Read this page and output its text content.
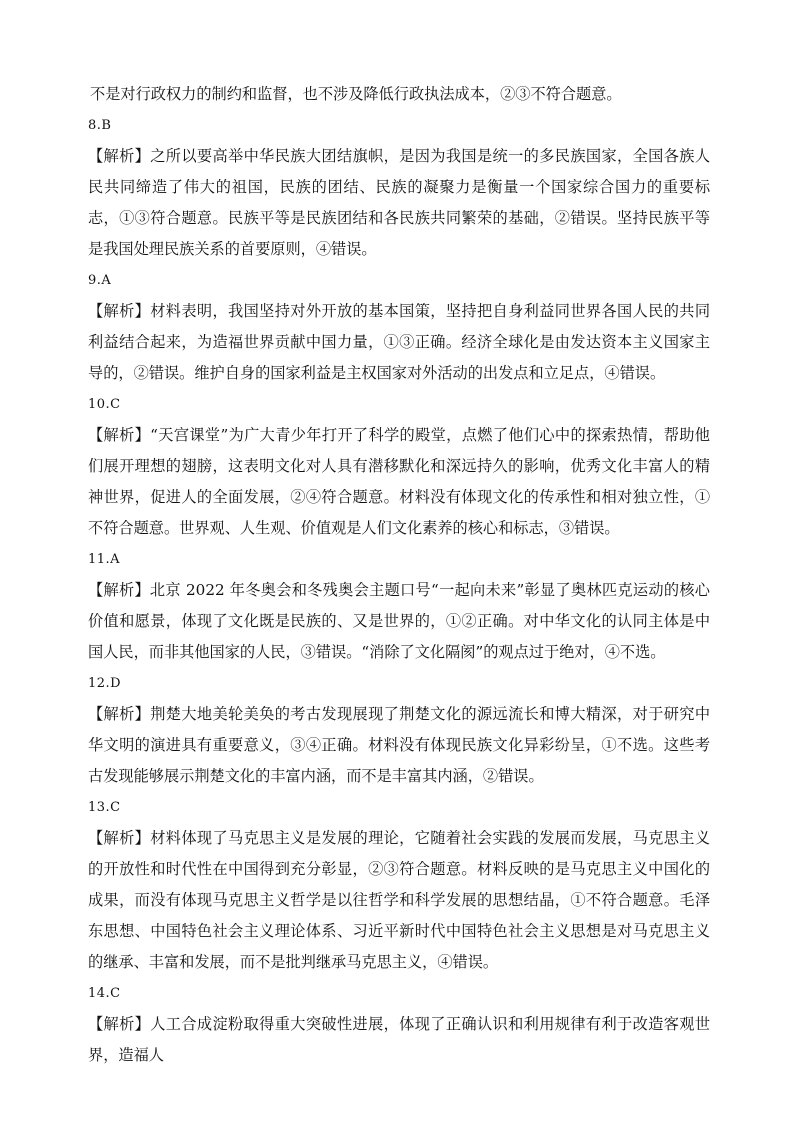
不是对行政权力的制约和监督，也不涉及降低行政执法成本，②③不符合题意。

8.B

【解析】之所以要高举中华民族大团结旗帜，是因为我国是统一的多民族国家，全国各族人民共同缔造了伟大的祖国，民族的团结、民族的凝聚力是衡量一个国家综合国力的重要标志，①③符合题意。民族平等是民族团结和各民族共同繁荣的基础，②错误。坚持民族平等是我国处理民族关系的首要原则，④错误。

9.A

【解析】材料表明，我国坚持对外开放的基本国策，坚持把自身利益同世界各国人民的共同利益结合起来，为造福世界贡献中国力量，①③正确。经济全球化是由发达资本主义国家主导的，②错误。维护自身的国家利益是主权国家对外活动的出发点和立足点，④错误。

10.C

【解析】“天宫课堂”为广大青少年打开了科学的殿堂，点燃了他们心中的探索热情，帮助他们展开理想的翅膀，这表明文化对人具有潜移默化和深远持久的影响，优秀文化丰富人的精神世界，促进人的全面发展，②④符合题意。材料没有体现文化的传承性和相对独立性，①不符合题意。世界观、人生观、价值观是人们文化素养的核心和标志，③错误。

11.A

【解析】北京 2022 年冬奥会和冬残奥会主题口号“一起向未来”彰显了奥林匹克运动的核心价值和愿景，体现了文化既是民族的、又是世界的，①②正确。对中华文化的认同主体是中国人民，而非其他国家的人民，③错误。“消除了文化隔阂”的观点过于绝对，④不选。

12.D

【解析】荆楚大地美轮美奂的考古发现展现了荆楚文化的源远流长和博大精深，对于研究中华文明的演进具有重要意义，③④正确。材料没有体现民族文化异彩纷呈，①不选。这些考古发现能够展示荆楚文化的丰富内涵，而不是丰富其内涵，②错误。

13.C

【解析】材料体现了马克思主义是发展的理论，它随着社会实践的发展而发展，马克思主义的开放性和时代性在中国得到充分彰显，②③符合题意。材料反映的是马克思主义中国化的成果，而没有体现马克思主义哲学是以往哲学和科学发展的思想结晶，①不符合题意。毛泽东思想、中国特色社会主义理论体系、习近平新时代中国特色社会主义思想是对马克思主义的继承、丰富和发展，而不是批判继承马克思主义，④错误。

14.C

【解析】人工合成淀粉取得重大突破性进展，体现了正确认识和利用规律有利于改造客观世界，造福人
